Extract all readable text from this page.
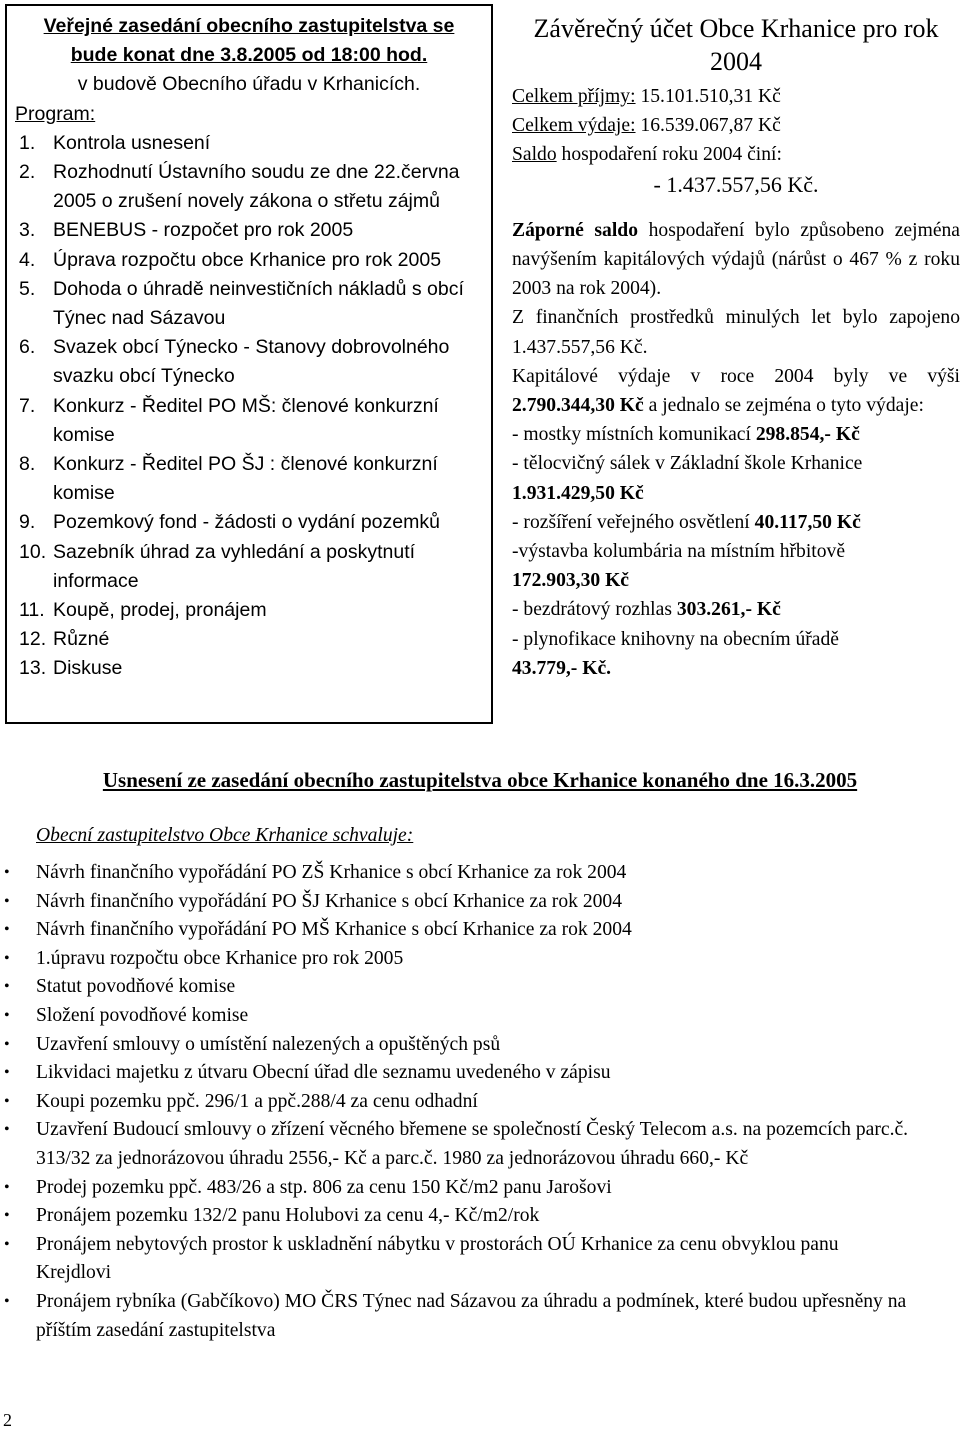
Veřejné zasedání obecního zastupitelstva se
bude konat dne 3.8.2005 od 18:00 hod.
v budově Obecního úřadu v Krhanicích.
Program:
1. Kontrola usnesení
2. Rozhodnutí Ústavního soudu ze dne 22.června 2005 o zrušení novely zákona o střetu zájmů
3. BENEBUS - rozpočet pro rok 2005
4. Úprava rozpočtu obce Krhanice pro rok 2005
5. Dohoda o úhradě neinvestičních nákladů s obcí Týnec nad Sázavou
6. Svazek obcí Týnecko - Stanovy dobrovolného svazku obcí Týnecko
7. Konkurz - Ředitel PO MŠ: členové konkurzní komise
8. Konkurz - Ředitel PO ŠJ : členové konkurzní komise
9. Pozemkový fond - žádosti o vydání pozemků
10. Sazebník úhrad za vyhledání a poskytnutí informace
11. Koupě, prodej, pronájem
12. Různé
13. Diskuse
Závěrečný účet Obce Krhanice pro rok 2004
Celkem příjmy: 15.101.510,31 Kč
Celkem výdaje: 16.539.067,87 Kč
Saldo hospodaření roku 2004 činí:
- 1.437.557,56 Kč.

Záporné saldo hospodaření bylo způsobeno zejména navýšením kapitálových výdajů (nárůst o 467 % z roku 2003 na rok 2004).

Z finančních prostředků minulých let bylo zapojeno 1.437.557,56 Kč.

Kapitálové výdaje v roce 2004 byly ve výši 2.790.344,30 Kč a jednalo se zejména o tyto výdaje:

- mostky místních komunikací 298.854,- Kč

- tělocvičný sálek v Základní škole Krhanice
1.931.429,50 Kč

- rozšíření veřejného osvětlení 40.117,50 Kč

-výstavba kolumbária na místním hřbitově
172.903,30 Kč

- bezdrátový rozhlas 303.261,- Kč

- plynofikace knihovny na obecním úřadě
43.779,- Kč.

Usnesení ze zasedání obecního zastupitelstva obce Krhanice konaného dne 16.3.2005
Obecní zastupitelstvo Obce Krhanice schvaluje:
• Návrh finančního vypořádání PO ZŠ Krhanice s obcí Krhanice za rok 2004
• Návrh finančního vypořádání PO ŠJ Krhanice s obcí Krhanice za rok 2004
• Návrh finančního vypořádání PO MŠ Krhanice s obcí Krhanice za rok 2004
• 1.úpravu rozpočtu obce Krhanice pro rok 2005
• Statut povodňové komise
• Složení povodňové komise
• Uzavření smlouvy o umístění nalezených a opuštěných psů
• Likvidaci majetku z útvaru Obecní úřad dle seznamu uvedeného v zápisu
• Koupi pozemku ppč. 296/1 a ppč.288/4 za cenu odhadní
• Uzavření Budoucí smlouvy o zřízení věcného břemene se společností Český Telecom a.s. na pozemcích parc.č. 313/32 za jednorázovou úhradu 2556,- Kč a parc.č. 1980 za jednorázovou úhradu 660,- Kč
• Prodej pozemku ppč. 483/26 a stp. 806 za cenu 150 Kč/m2 panu Jarošovi
• Pronájem pozemku 132/2 panu Holubovi za cenu 4,- Kč/m2/rok
• Pronájem nebytových prostor k uskladnění nábytku v prostorách OÚ Krhanice za cenu obvyklou panu Krejdlovi
• Pronájem rybníka (Gabčíkovo) MO ČRS Týnec nad Sázavou za úhradu a podmínek, které budou upřesněny na příštím zasedání zastupitelstva
2
